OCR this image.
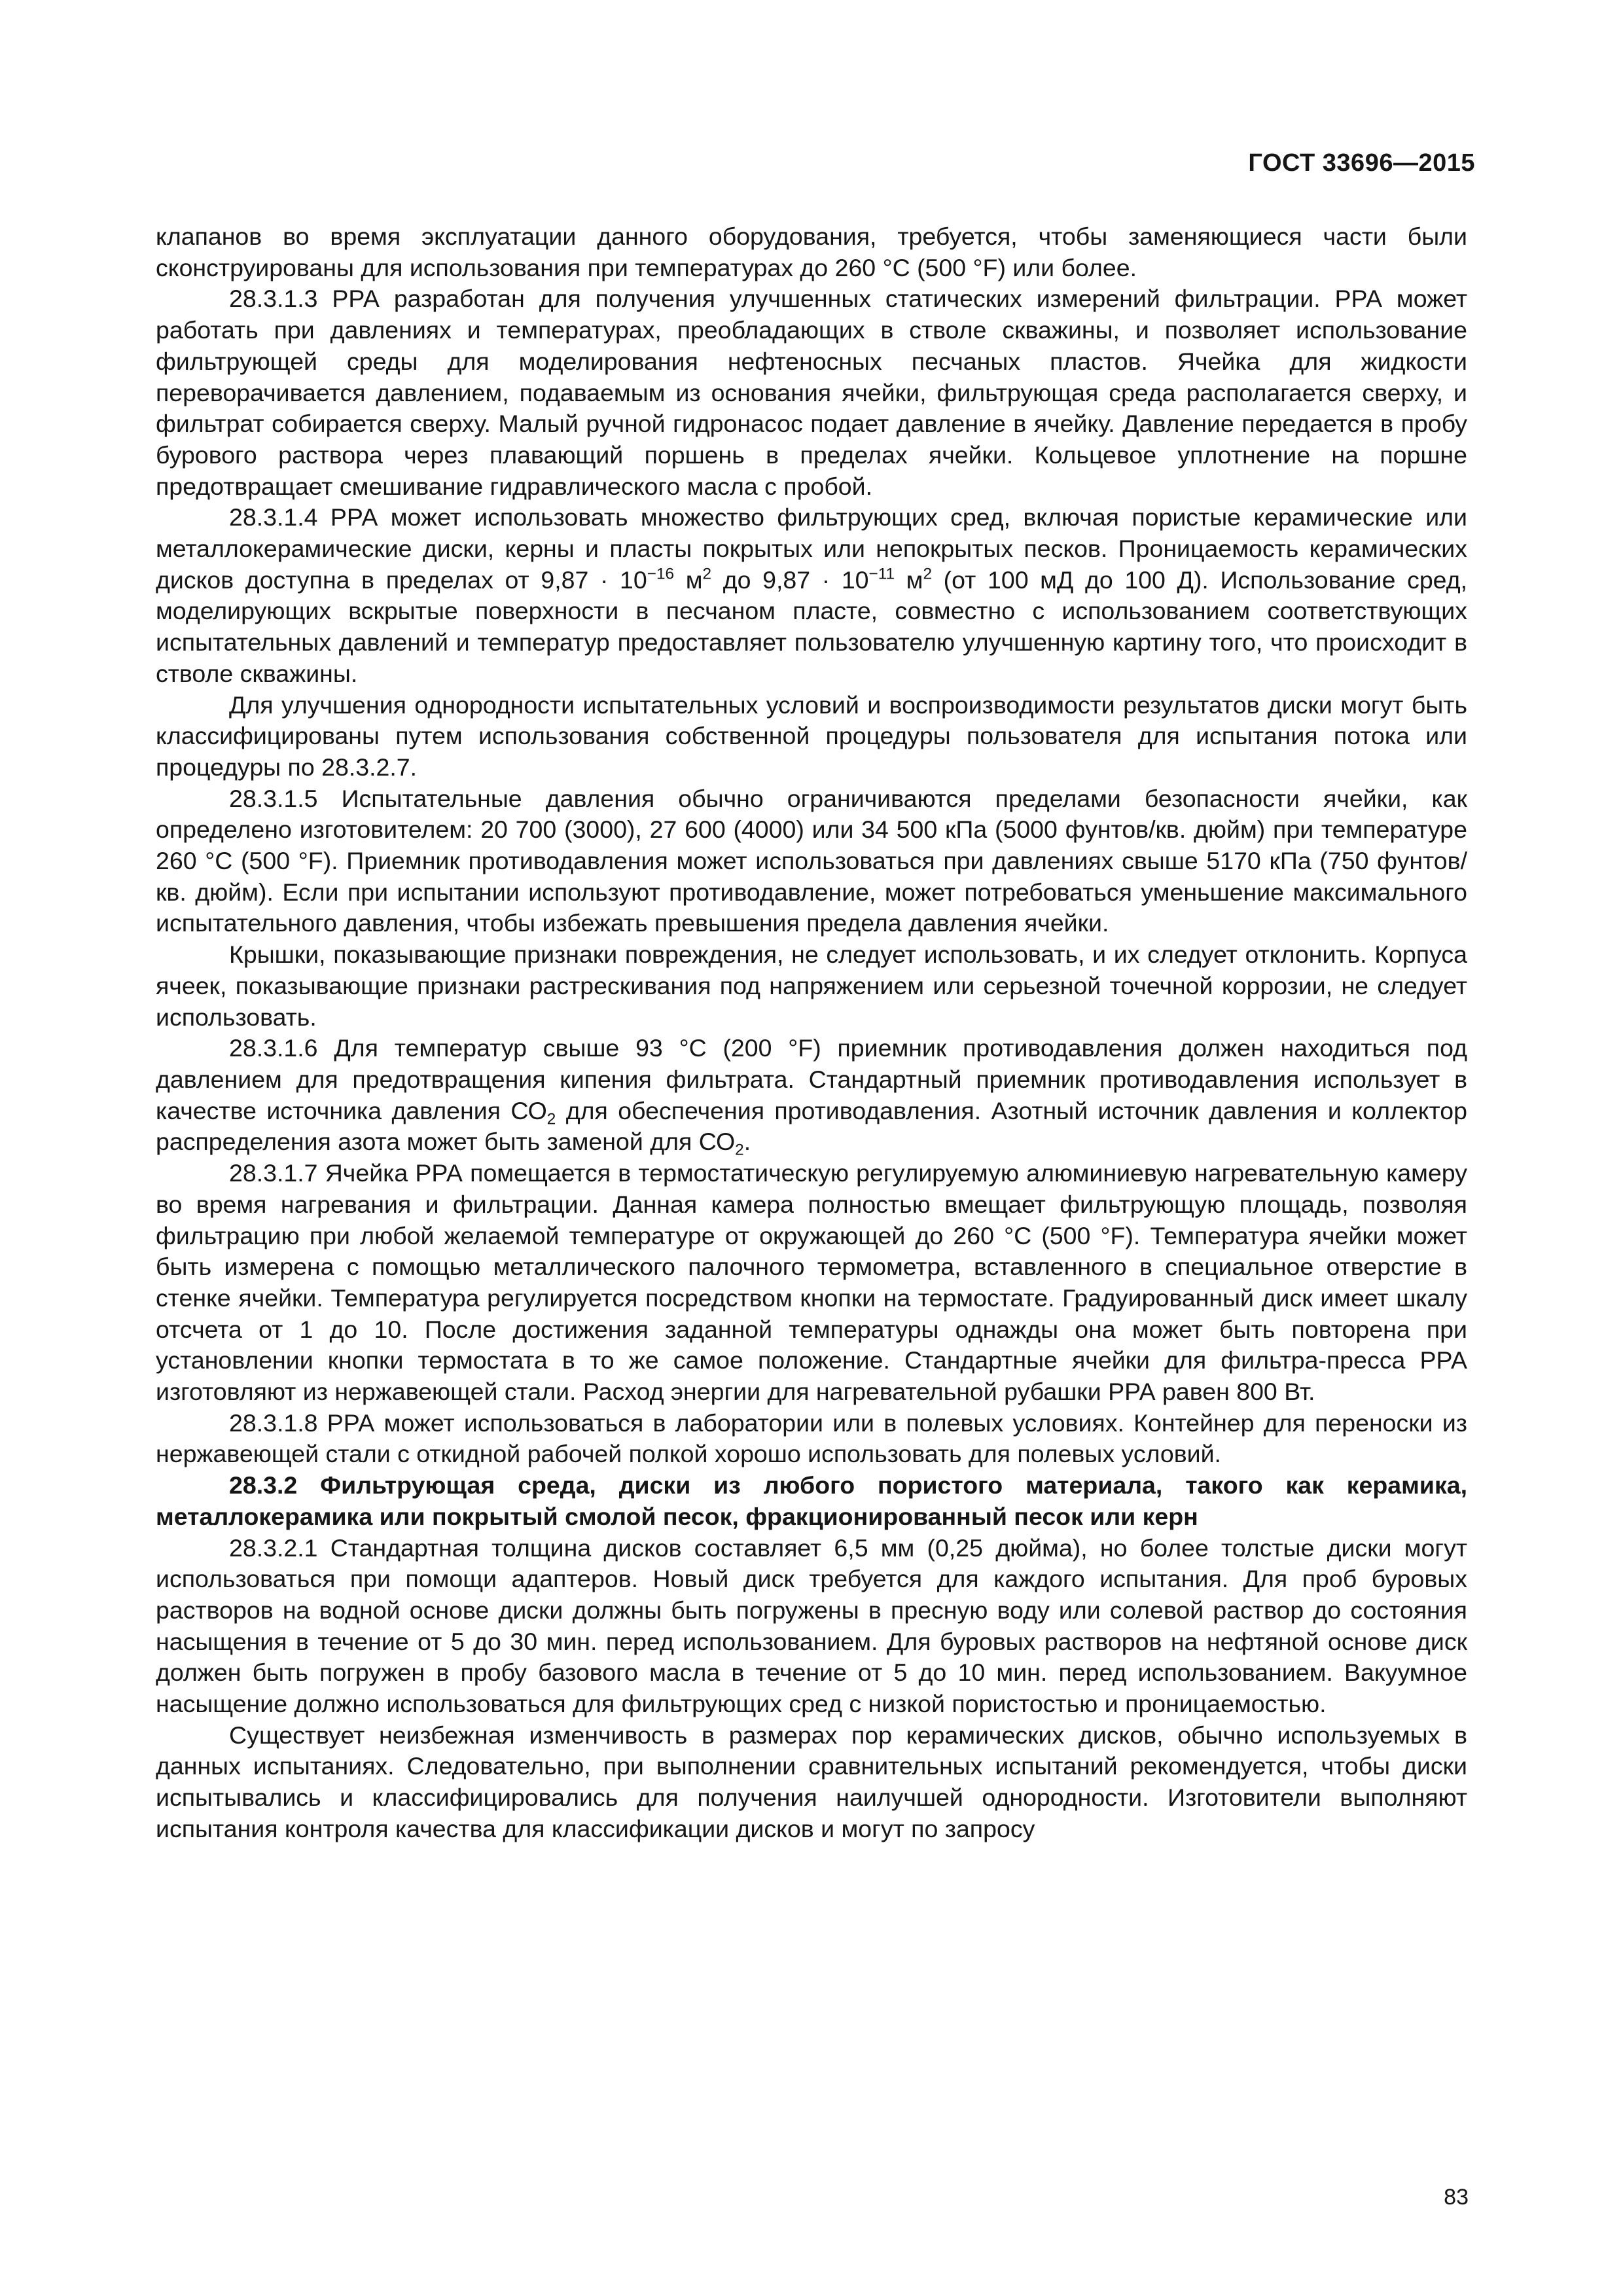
ГОСТ 33696—2015

клапанов во время эксплуатации данного оборудования, требуется, чтобы заменяющиеся части были сконструированы для использования при температурах до 260 °С (500 °F) или более.

28.3.1.3 РРА разработан для получения улучшенных статических измерений фильтрации. РРА может работать при давлениях и температурах, преобладающих в стволе скважины, и позволяет использование фильтрующей среды для моделирования нефтеносных песчаных пластов. Ячейка для жидкости переворачивается давлением, подаваемым из основания ячейки, фильтрующая среда располагается сверху, и фильтрат собирается сверху. Малый ручной гидронасос подает давление в ячейку. Давление передается в пробу бурового раствора через плавающий поршень в пределах ячейки. Кольцевое уплотнение на поршне предотвращает смешивание гидравлического масла с пробой.

28.3.1.4 РРА может использовать множество фильтрующих сред, включая пористые керамические или металлокерамические диски, керны и пласты покрытых или непокрытых песков. Проницаемость керамических дисков доступна в пределах от $9,87 \cdot 10^{-16}$ $м^2$ до $9,87 \cdot 10^{-11}$ $м^2$ (от 100 мД до 100 Д). Использование сред, моделирующих вскрытые поверхности в песчаном пласте, совместно с использованием соответствующих испытательных давлений и температур предоставляет пользователю улучшенную картину того, что происходит в стволе скважины.

Для улучшения однородности испытательных условий и воспроизводимости результатов диски могут быть классифицированы путем использования собственной процедуры пользователя для испытания потока или процедуры по 28.3.2.7.

28.3.1.5 Испытательные давления обычно ограничиваются пределами безопасности ячейки, как определено изготовителем: 20 700 (3000), 27 600 (4000) или 34 500 кПа (5000 фунтов/кв. дюйм) при температуре 260 °С (500 °F). Приемник противодавления может использоваться при давлениях свыше 5170 кПа (750 фунтов/кв. дюйм). Если при испытании используют противодавление, может потребоваться уменьшение максимального испытательного давления, чтобы избежать превышения предела давления ячейки.

Крышки, показывающие признаки повреждения, не следует использовать, и их следует отклонить. Корпуса ячеек, показывающие признаки растрескивания под напряжением или серьезной точечной коррозии, не следует использовать.

28.3.1.6 Для температур свыше 93 °С (200 °F) приемник противодавления должен находиться под давлением для предотвращения кипения фильтрата. Стандартный приемник противодавления использует в качестве источника давления $СО_2$ для обеспечения противодавления. Азотный источник давления и коллектор распределения азота может быть заменой для $СО_2$.

28.3.1.7 Ячейка РРА помещается в термостатическую регулируемую алюминиевую нагревательную камеру во время нагревания и фильтрации. Данная камера полностью вмещает фильтрующую площадь, позволяя фильтрацию при любой желаемой температуре от окружающей до 260 °С (500 °F). Температура ячейки может быть измерена с помощью металлического палочного термометра, вставленного в специальное отверстие в стенке ячейки. Температура регулируется посредством кнопки на термостате. Градуированный диск имеет шкалу отсчета от 1 до 10. После достижения заданной температуры однажды она может быть повторена при установлении кнопки термостата в то же самое положение. Стандартные ячейки для фильтра-пресса РРА изготовляют из нержавеющей стали. Расход энергии для нагревательной рубашки РРА равен 800 Вт.

28.3.1.8 РРА может использоваться в лаборатории или в полевых условиях. Контейнер для переноски из нержавеющей стали с откидной рабочей полкой хорошо использовать для полевых условий.

28.3.2 Фильтрующая среда, диски из любого пористого материала, такого как керамика, металлокерамика или покрытый смолой песок, фракционированный песок или керн

28.3.2.1 Стандартная толщина дисков составляет 6,5 мм (0,25 дюйма), но более толстые диски могут использоваться при помощи адаптеров. Новый диск требуется для каждого испытания. Для проб буровых растворов на водной основе диски должны быть погружены в пресную воду или солевой раствор до состояния насыщения в течение от 5 до 30 мин. перед использованием. Для буровых растворов на нефтяной основе диск должен быть погружен в пробу базового масла в течение от 5 до 10 мин. перед использованием. Вакуумное насыщение должно использоваться для фильтрующих сред с низкой пористостью и проницаемостью.

Существует неизбежная изменчивость в размерах пор керамических дисков, обычно используемых в данных испытаниях. Следовательно, при выполнении сравнительных испытаний рекомендуется, чтобы диски испытывались и классифицировались для получения наилучшей однородности. Изготовители выполняют испытания контроля качества для классификации дисков и могут по запросу

83
